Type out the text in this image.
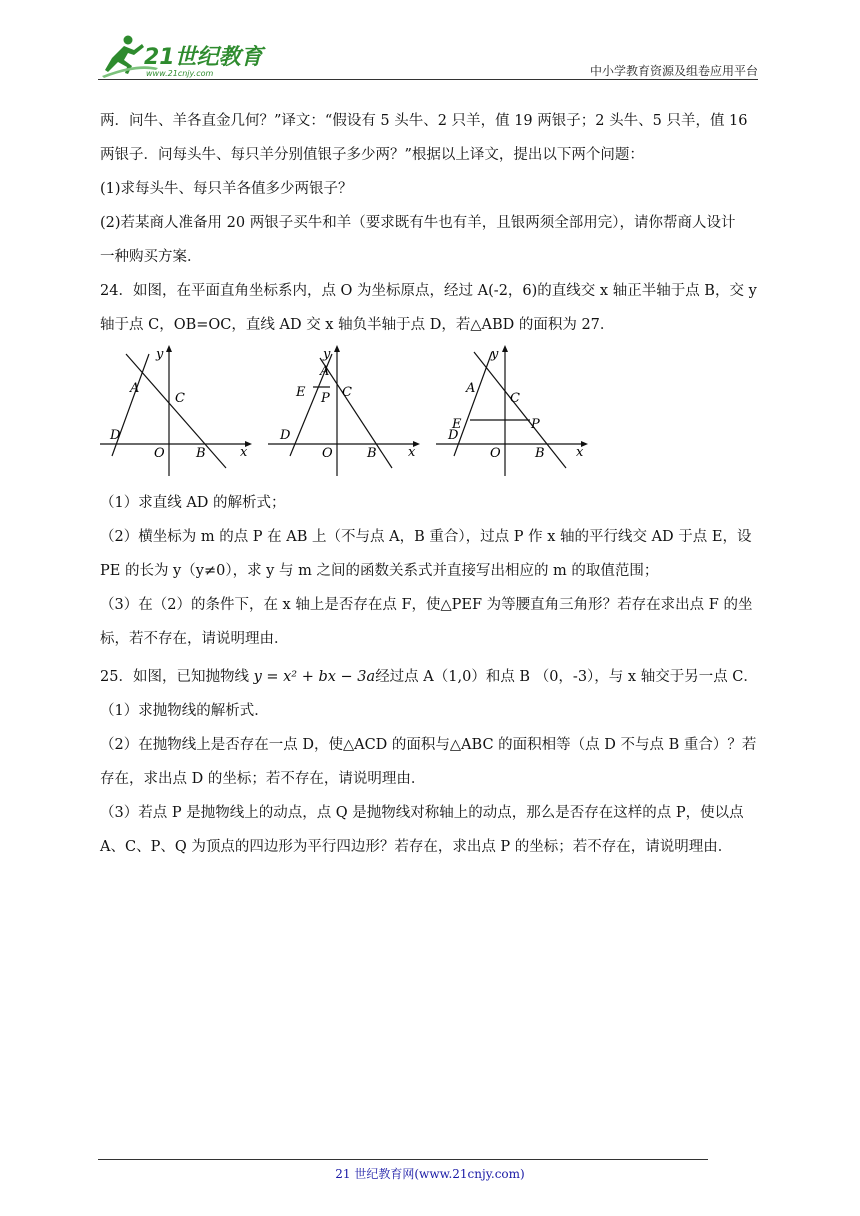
21世纪教育
www.21cnjy.com	中小学教育资源及组卷应用平台

两．问牛、羊各直金几何？”译文：“假设有 5 头牛、2 只羊，值 19 两银子；2 头牛、5 只羊，值 16

两银子．问每头牛、每只羊分别值银子多少两？”根据以上译文，提出以下两个问题：

(1)求每头牛、每只羊各值多少两银子？

(2)若某商人准备用 20 两银子买牛和羊（要求既有牛也有羊，且银两须全部用完），请你帮商人设计

一种购买方案．

24．如图，在平面直角坐标系内，点 O 为坐标原点，经过 A(-2，6)的直线交 x 轴正半轴于点 B，交 y

轴于点 C，OB=OC，直线 AD 交 x 轴负半轴于点 D，若△ABD 的面积为 27．

y
x
A
C
D
O B
y
x
A
E P C
D
O	B
y
x
A
C
E	P
D
O	B

（1）求直线 AD 的解析式；

（2）横坐标为 m 的点 P 在 AB 上（不与点 A，B 重合），过点 P 作 x 轴的平行线交 AD 于点 E，设

PE 的长为 y（y≠0），求 y 与 m 之间的函数关系式并直接写出相应的 m 的取值范围；

（3）在（2）的条件下，在 x 轴上是否存在点 F，使△PEF 为等腰直角三角形？若存在求出点 F 的坐

标，若不存在，请说明理由．

25．如图，已知抛物线 y = x² + bx − 3a经过点 A（1,0）和点 B （0，-3），与 x 轴交于另一点 C．

（1）求抛物线的解析式．

（2）在抛物线上是否存在一点 D，使△ACD 的面积与△ABC 的面积相等（点 D 不与点 B 重合）？若

存在，求出点 D 的坐标；若不存在，请说明理由．

（3）若点 P 是抛物线上的动点，点 Q 是抛物线对称轴上的动点，那么是否存在这样的点 P，使以点

A、C、P、Q 为顶点的四边形为平行四边形？若存在，求出点 P 的坐标；若不存在，请说明理由．

21 世纪教育网(www.21cnjy.com)
